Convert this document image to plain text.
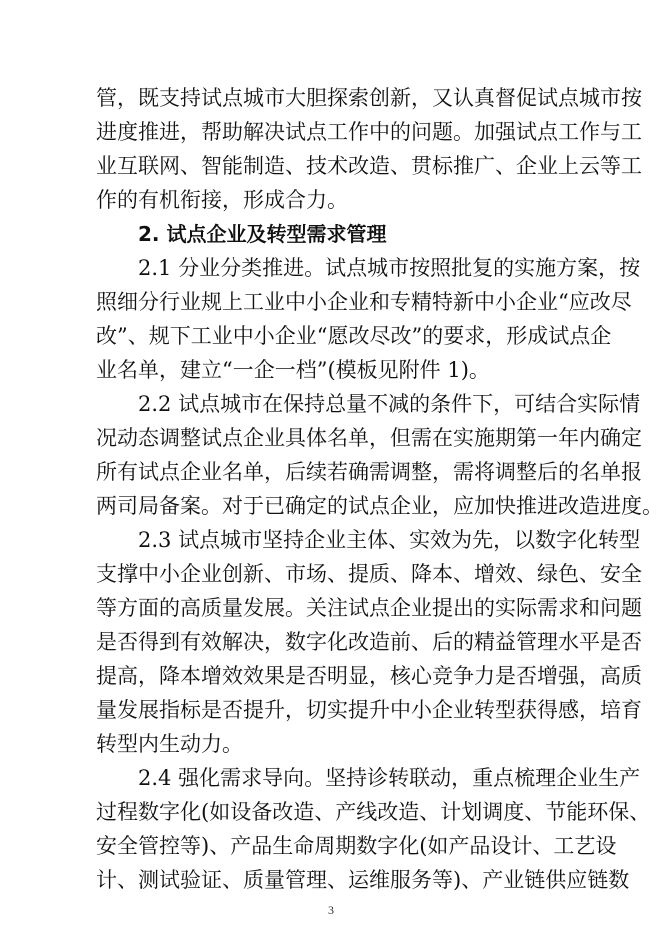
管，既支持试点城市大胆探索创新，又认真督促试点城市按
进度推进，帮助解决试点工作中的问题。加强试点工作与工
业互联网、智能制造、技术改造、贯标推广、企业上云等工
作的有机衔接，形成合力。
2. 试点企业及转型需求管理
2.1 分业分类推进。试点城市按照批复的实施方案，按
照细分行业规上工业中小企业和专精特新中小企业“应改尽
改”、规下工业中小企业“愿改尽改”的要求，形成试点企
业名单，建立“一企一档”(模板见附件 1)。
2.2 试点城市在保持总量不减的条件下，可结合实际情
况动态调整试点企业具体名单，但需在实施期第一年内确定
所有试点企业名单，后续若确需调整，需将调整后的名单报
两司局备案。对于已确定的试点企业，应加快推进改造进度。
2.3 试点城市坚持企业主体、实效为先，以数字化转型
支撑中小企业创新、市场、提质、降本、增效、绿色、安全
等方面的高质量发展。关注试点企业提出的实际需求和问题
是否得到有效解决，数字化改造前、后的精益管理水平是否
提高，降本增效效果是否明显，核心竞争力是否增强，高质
量发展指标是否提升，切实提升中小企业转型获得感，培育
转型内生动力。
2.4 强化需求导向。坚持诊转联动，重点梳理企业生产
过程数字化(如设备改造、产线改造、计划调度、节能环保、
安全管控等)、产品生命周期数字化(如产品设计、工艺设
计、测试验证、质量管理、运维服务等)、产业链供应链数
3
